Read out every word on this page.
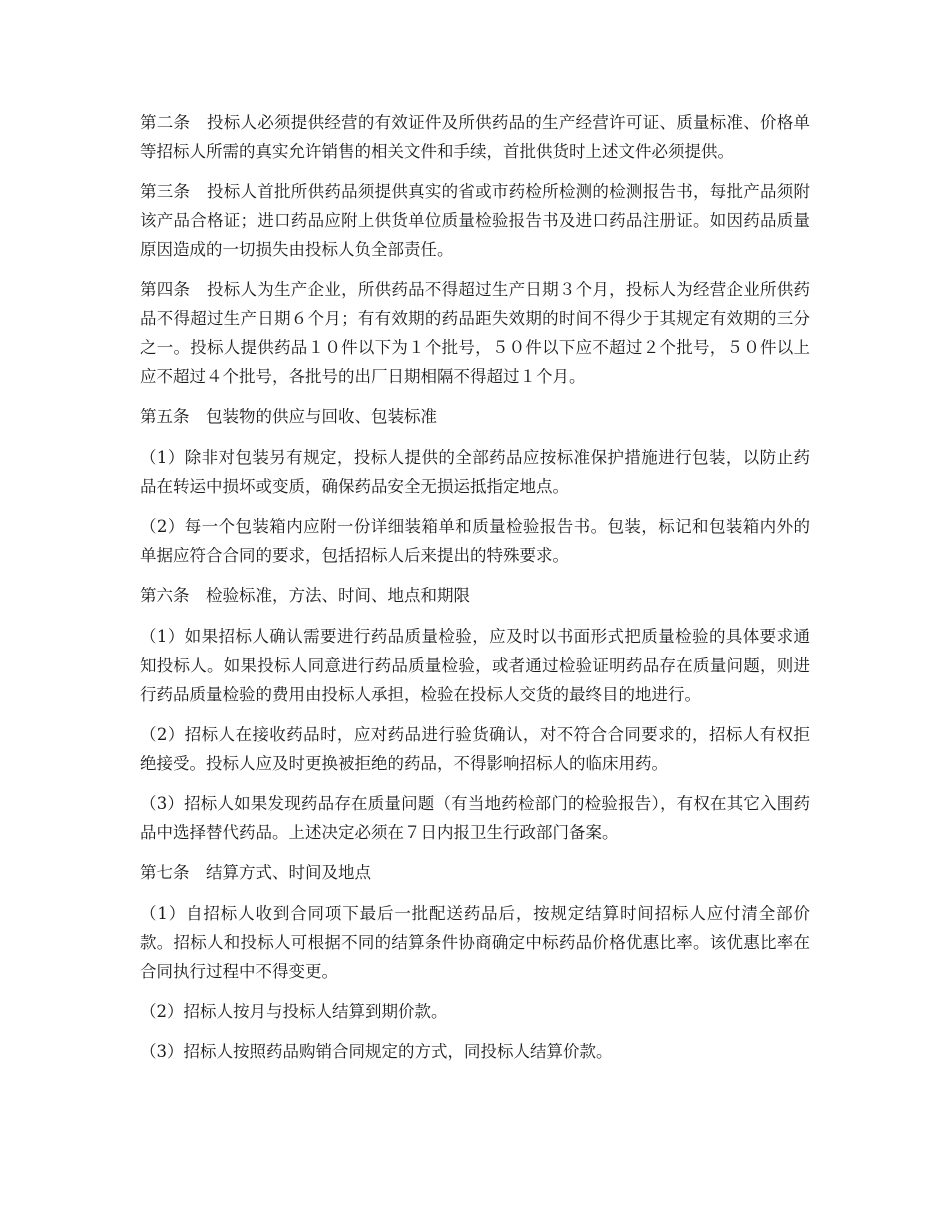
第二条　投标人必须提供经营的有效证件及所供药品的生产经营许可证、质量标准、价格单等招标人所需的真实允许销售的相关文件和手续，首批供货时上述文件必须提供。

第三条　投标人首批所供药品须提供真实的省或市药检所检测的检测报告书，每批产品须附该产品合格证；进口药品应附上供货单位质量检验报告书及进口药品注册证。如因药品质量原因造成的一切损失由投标人负全部责任。

第四条　投标人为生产企业，所供药品不得超过生产日期３个月，投标人为经营企业所供药品不得超过生产日期６个月；有有效期的药品距失效期的时间不得少于其规定有效期的三分之一。投标人提供药品１０件以下为１个批号，５０件以下应不超过２个批号，５０件以上应不超过４个批号，各批号的出厂日期相隔不得超过１个月。

第五条　包装物的供应与回收、包装标准

（1）除非对包装另有规定，投标人提供的全部药品应按标准保护措施进行包装，以防止药品在转运中损坏或变质，确保药品安全无损运抵指定地点。

（2）每一个包装箱内应附一份详细装箱单和质量检验报告书。包装，标记和包装箱内外的单据应符合合同的要求，包括招标人后来提出的特殊要求。

第六条　检验标准，方法、时间、地点和期限

（1）如果招标人确认需要进行药品质量检验，应及时以书面形式把质量检验的具体要求通知投标人。如果投标人同意进行药品质量检验，或者通过检验证明药品存在质量问题，则进行药品质量检验的费用由投标人承担，检验在投标人交货的最终目的地进行。

（2）招标人在接收药品时，应对药品进行验货确认，对不符合合同要求的，招标人有权拒绝接受。投标人应及时更换被拒绝的药品，不得影响招标人的临床用药。

（3）招标人如果发现药品存在质量问题（有当地药检部门的检验报告），有权在其它入围药品中选择替代药品。上述决定必须在７日内报卫生行政部门备案。

第七条　结算方式、时间及地点

（1）自招标人收到合同项下最后一批配送药品后，按规定结算时间招标人应付清全部价款。招标人和投标人可根据不同的结算条件协商确定中标药品价格优惠比率。该优惠比率在合同执行过程中不得变更。

（2）招标人按月与投标人结算到期价款。

（3）招标人按照药品购销合同规定的方式，同投标人结算价款。
